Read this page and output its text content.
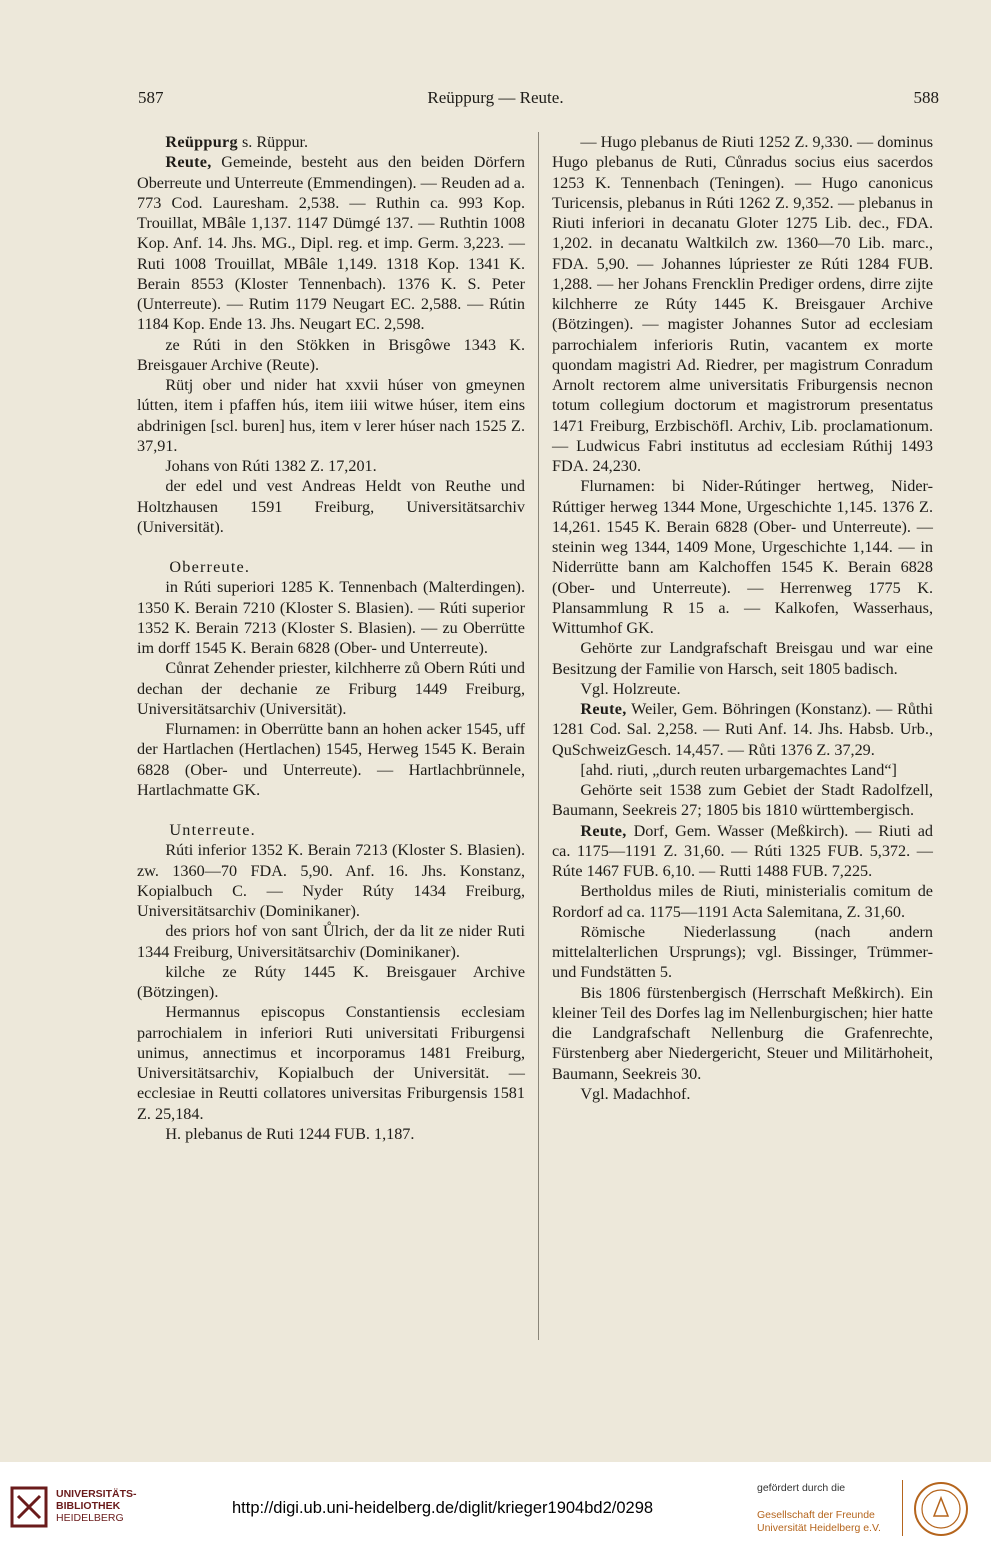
587	Reüppurg — Reute.	588

Reüppurg s. Rüppur.

Reute, Gemeinde, besteht aus den beiden Dörfern Oberreute und Unterreute (Emmendingen). — Reuden ad a. 773 Cod. Lauresham. 2,538. — Ruthin ca. 993 Kop. Trouillat, MBâle 1,137. 1147 Dümgé 137. — Ruthtin 1008 Kop. Anf. 14. Jhs. MG., Dipl. reg. et imp. Germ. 3,223. — Ruti 1008 Trouillat, MBâle 1,149. 1318 Kop. 1341 K. Berain 8553 (Kloster Tennenbach). 1376 K. S. Peter (Unterreute). — Rutim 1179 Neugart EC. 2,588. — Rútin 1184 Kop. Ende 13. Jhs. Neugart EC. 2,598.

ze Rúti in den Stökken in Brisgôwe 1343 K. Breisgauer Archive (Reute).

Rütj ober und nider hat xxvii húser von gmeynen lútten, item i pfaffen hús, item iiii witwe húser, item eins abdrinigen [scl. buren] hus, item v lerer húser nach 1525 Z. 37,91.

Johans von Rúti 1382 Z. 17,201.

der edel und vest Andreas Heldt von Reuthe und Holtzhausen 1591 Freiburg, Universitätsarchiv (Universität).

Oberreute.

in Rúti superiori 1285 K. Tennenbach (Malterdingen). 1350 K. Berain 7210 (Kloster S. Blasien). — Rúti superior 1352 K. Berain 7213 (Kloster S. Blasien). — zu Oberrütte im dorff 1545 K. Berain 6828 (Ober- und Unterreute).

Cůnrat Zehender priester, kilchherre zů Obern Rúti und dechan der dechanie ze Friburg 1449 Freiburg, Universitätsarchiv (Universität).

Flurnamen: in Oberrütte bann an hohen acker 1545, uff der Hartlachen (Hertlachen) 1545, Herweg 1545 K. Berain 6828 (Ober- und Unterreute). — Hartlachbrünnele, Hartlachmatte GK.

Unterreute.

Rúti inferior 1352 K. Berain 7213 (Kloster S. Blasien). zw. 1360—70 FDA. 5,90. Anf. 16. Jhs. Konstanz, Kopialbuch C. — Nyder Rúty 1434 Freiburg, Universitätsarchiv (Dominikaner).

des priors hof von sant Ůlrich, der da lit ze nider Ruti 1344 Freiburg, Universitätsarchiv (Dominikaner).

kilche ze Rúty 1445 K. Breisgauer Archive (Bötzingen).

Hermannus episcopus Constantiensis ecclesiam parrochialem in inferiori Ruti universitati Friburgensi unimus, annectimus et incorporamus 1481 Freiburg, Universitätsarchiv, Kopialbuch der Universität. — ecclesiae in Reutti collatores universitas Friburgensis 1581 Z. 25,184.

H. plebanus de Ruti 1244 FUB. 1,187.

— Hugo plebanus de Riuti 1252 Z. 9,330. — dominus Hugo plebanus de Ruti, Cůnradus socius eius sacerdos 1253 K. Tennenbach (Teningen). — Hugo canonicus Turicensis, plebanus in Rúti 1262 Z. 9,352. — plebanus in Riuti inferiori in decanatu Gloter 1275 Lib. dec., FDA. 1,202. in decanatu Waltkilch zw. 1360—70 Lib. marc., FDA. 5,90. — Johannes lúpriester ze Rúti 1284 FUB. 1,288. — her Johans Frencklin Prediger ordens, dirre zijte kilchherre ze Rúty 1445 K. Breisgauer Archive (Bötzingen). — magister Johannes Sutor ad ecclesiam parrochialem inferioris Rutin, vacantem ex morte quondam magistri Ad. Riedrer, per magistrum Conradum Arnolt rectorem alme universitatis Friburgensis necnon totum collegium doctorum et magistrorum presentatus 1471 Freiburg, Erzbischöfl. Archiv, Lib. proclamationum. — Ludwicus Fabri institutus ad ecclesiam Rúthij 1493 FDA. 24,230.

Flurnamen: bi Nider-Rútinger hertweg, Nider-Rúttiger herweg 1344 Mone, Urgeschichte 1,145. 1376 Z. 14,261. 1545 K. Berain 6828 (Ober- und Unterreute). — steinin weg 1344, 1409 Mone, Urgeschichte 1,144. — in Niderrütte bann am Kalchoffen 1545 K. Berain 6828 (Ober- und Unterreute). — Herrenweg 1775 K. Plansammlung R 15 a. — Kalkofen, Wasserhaus, Wittumhof GK.

Gehörte zur Landgrafschaft Breisgau und war eine Besitzung der Familie von Harsch, seit 1805 badisch.

Vgl. Holzreute.

Reute, Weiler, Gem. Böhringen (Konstanz). — Růthi 1281 Cod. Sal. 2,258. — Ruti Anf. 14. Jhs. Habsb. Urb., QuSchweizGesch. 14,457. — Růti 1376 Z. 37,29.

[ahd. riuti, „durch reuten urbargemachtes Land“]

Gehörte seit 1538 zum Gebiet der Stadt Radolfzell, Baumann, Seekreis 27; 1805 bis 1810 württembergisch.

Reute, Dorf, Gem. Wasser (Meßkirch). — Riuti ad ca. 1175—1191 Z. 31,60. — Rúti 1325 FUB. 5,372. — Rúte 1467 FUB. 6,10. — Rutti 1488 FUB. 7,225.

Bertholdus miles de Riuti, ministerialis comitum de Rordorf ad ca. 1175—1191 Acta Salemitana, Z. 31,60.

Römische Niederlassung (nach andern mittelalterlichen Ursprungs); vgl. Bissinger, Trümmer- und Fundstätten 5.

Bis 1806 fürstenbergisch (Herrschaft Meßkirch). Ein kleiner Teil des Dorfes lag im Nellenburgischen; hier hatte die Landgrafschaft Nellenburg die Grafenrechte, Fürstenberg aber Niedergericht, Steuer und Militärhoheit, Baumann, Seekreis 30.

Vgl. Madachhof.

UNIVERSITÄTS-
BIBLIOTHEK
HEIDELBERG
http://digi.ub.uni-heidelberg.de/diglit/krieger1904bd2/0298
gefördert durch die
Gesellschaft der Freunde
Universität Heidelberg e.V.
